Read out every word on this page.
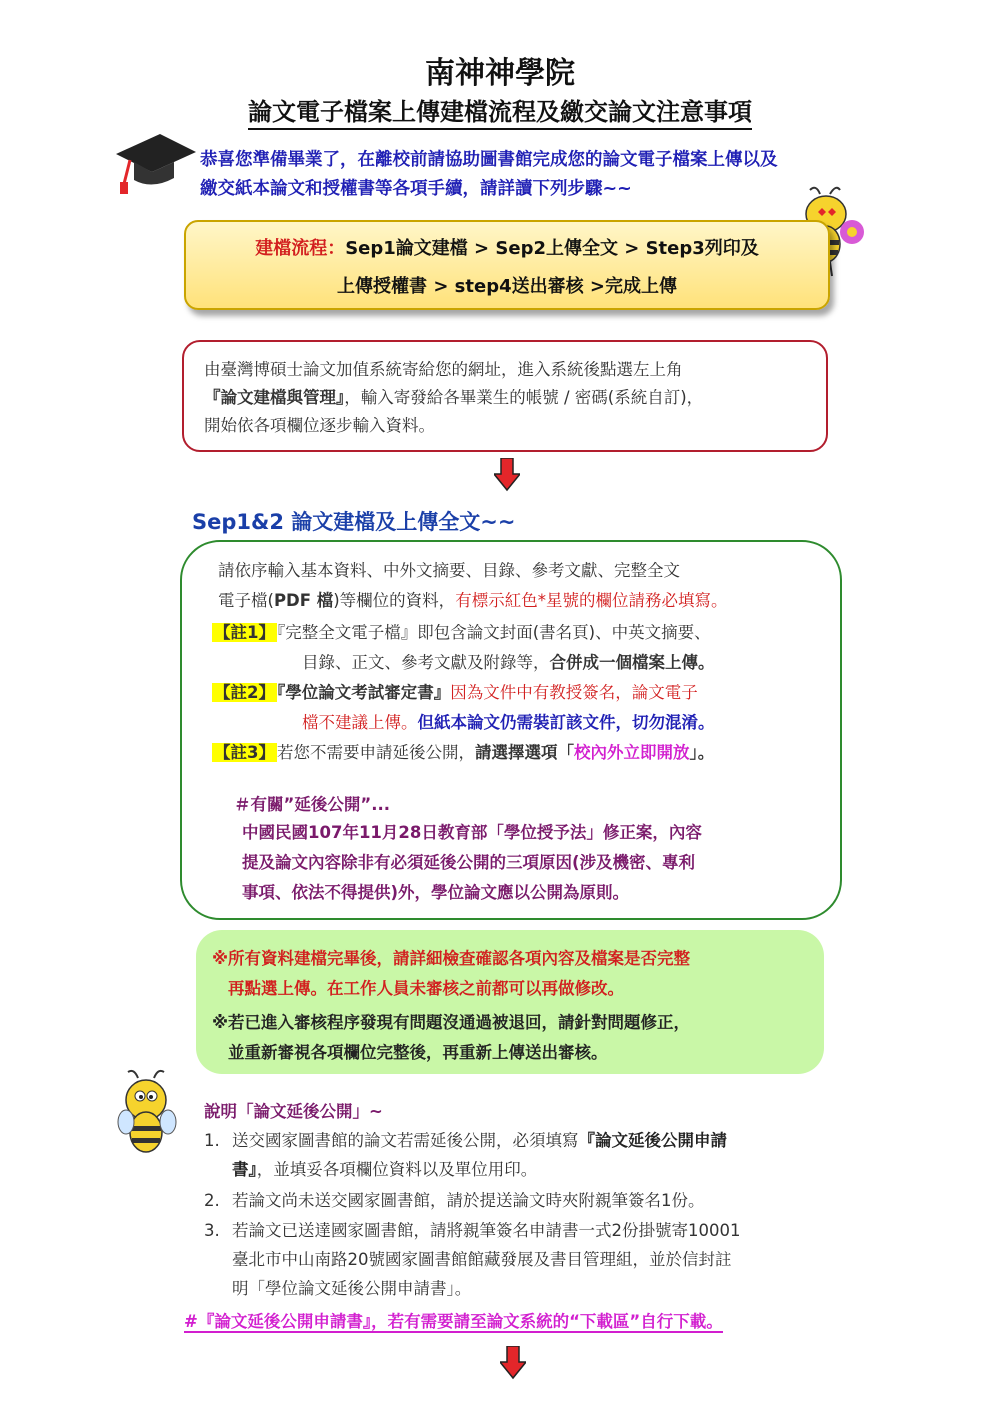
南神神學院
論文電子檔案上傳建檔流程及繳交論文注意事項
恭喜您準備畢業了，在離校前請協助圖書館完成您的論文電子檔案上傳以及
繳交紙本論文和授權書等各項手續，請詳讀下列步驟~~
建檔流程：Sep1論文建檔 > Sep2上傳全文 > Step3列印及
上傳授權書 > step4送出審核 >完成上傳
由臺灣博碩士論文加值系統寄給您的網址，進入系統後點選左上角
『論文建檔與管理』，輸入寄發給各畢業生的帳號 / 密碼(系統自訂)，
開始依各項欄位逐步輸入資料。
Sep1&2 論文建檔及上傳全文~~
請依序輸入基本資料、中外文摘要、目錄、參考文獻、完整全文
電子檔(PDF 檔)等欄位的資料，有標示紅色*星號的欄位請務必填寫。
【註1】 『完整全文電子檔』即包含論文封面(書名頁)、中英文摘要、
目錄、正文、參考文獻及附錄等，合併成一個檔案上傳。
【註2】 『學位論文考試審定書』因為文件中有教授簽名，論文電子
檔不建議上傳。但紙本論文仍需裝訂該文件，切勿混淆。
【註3】 若您不需要申請延後公開，請選擇選項「校內外立即開放」。
＃有關”延後公開”...
中國民國107年11月28日教育部「學位授予法」修正案，內容
提及論文內容除非有必須延後公開的三項原因(涉及機密、專利
事項、依法不得提供)外，學位論文應以公開為原則。
※所有資料建檔完畢後，請詳細檢查確認各項內容及檔案是否完整
再點選上傳。在工作人員未審核之前都可以再做修改。
※若已進入審核程序發現有問題沒通過被退回，請針對問題修正，
並重新審視各項欄位完整後，再重新上傳送出審核。
說明「論文延後公開」~
1. 送交國家圖書館的論文若需延後公開，必須填寫『論文延後公開申請
書』，並填妥各項欄位資料以及單位用印。
2. 若論文尚未送交國家圖書館，請於提送論文時夾附親筆簽名1份。
3. 若論文已送達國家圖書館，請將親筆簽名申請書一式2份掛號寄10001
臺北市中山南路20號國家圖書館館藏發展及書目管理組，並於信封註
明「學位論文延後公開申請書」。
#『論文延後公開申請書』，若有需要請至論文系統的“下載區”自行下載。
